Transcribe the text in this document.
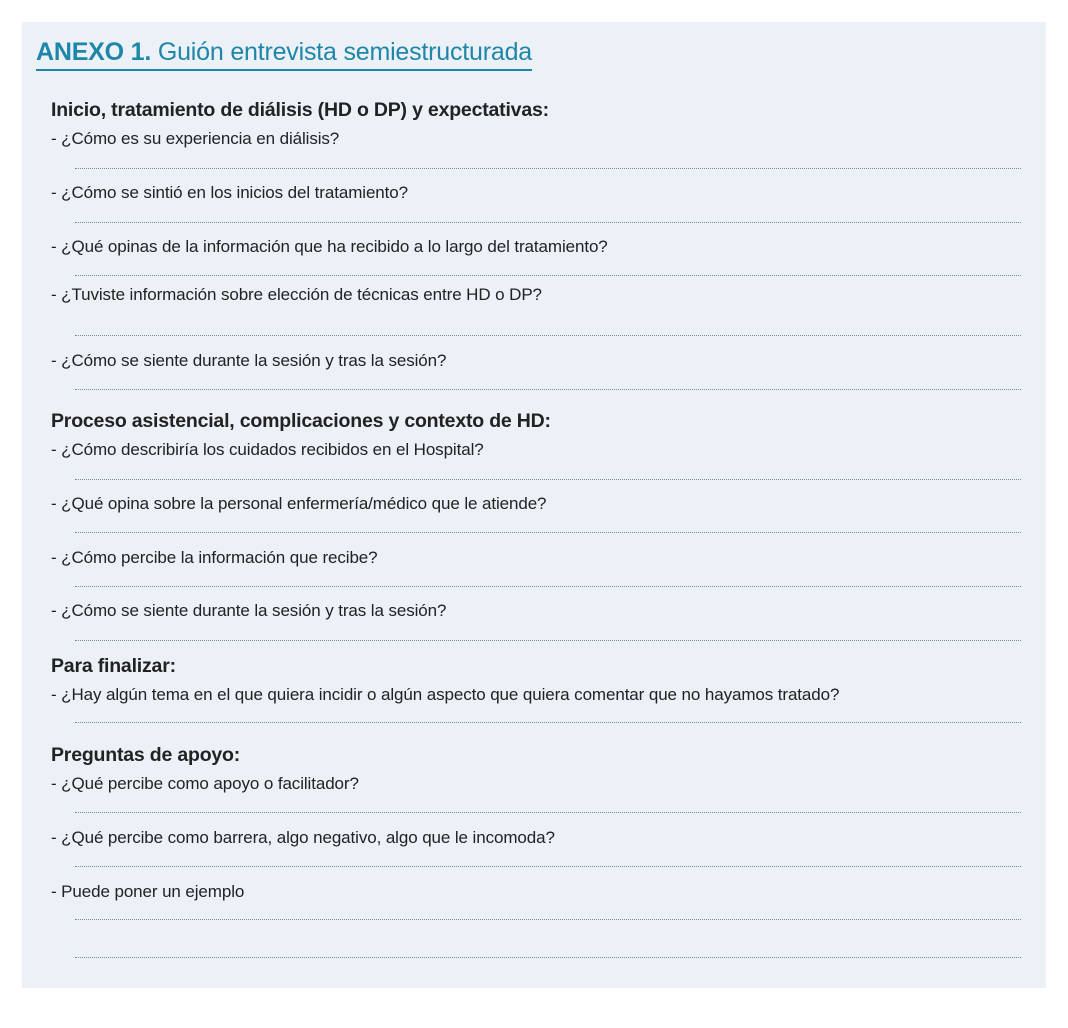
ANEXO 1. Guión entrevista semiestructurada
Inicio, tratamiento de diálisis (HD o DP) y expectativas:

- ¿Cómo es su experiencia en diálisis?

- ¿Cómo se sintió en los inicios del tratamiento?

- ¿Qué opinas de la información que ha recibido a lo largo del tratamiento?

- ¿Tuviste información sobre elección de técnicas entre HD o DP?

- ¿Cómo se siente durante la sesión y tras la sesión?

Proceso asistencial, complicaciones y contexto de HD:

- ¿Cómo describiría los cuidados recibidos en el Hospital?

- ¿Qué opina sobre la personal enfermería/médico que le atiende?

- ¿Cómo percibe la información que recibe?

- ¿Cómo se siente durante la sesión y tras la sesión?

Para finalizar:

- ¿Hay algún tema en el que quiera incidir o algún aspecto que quiera comentar que no hayamos tratado?

Preguntas de apoyo:

- ¿Qué percibe como apoyo o facilitador?

- ¿Qué percibe como barrera, algo negativo, algo que le incomoda?

- Puede poner un ejemplo
